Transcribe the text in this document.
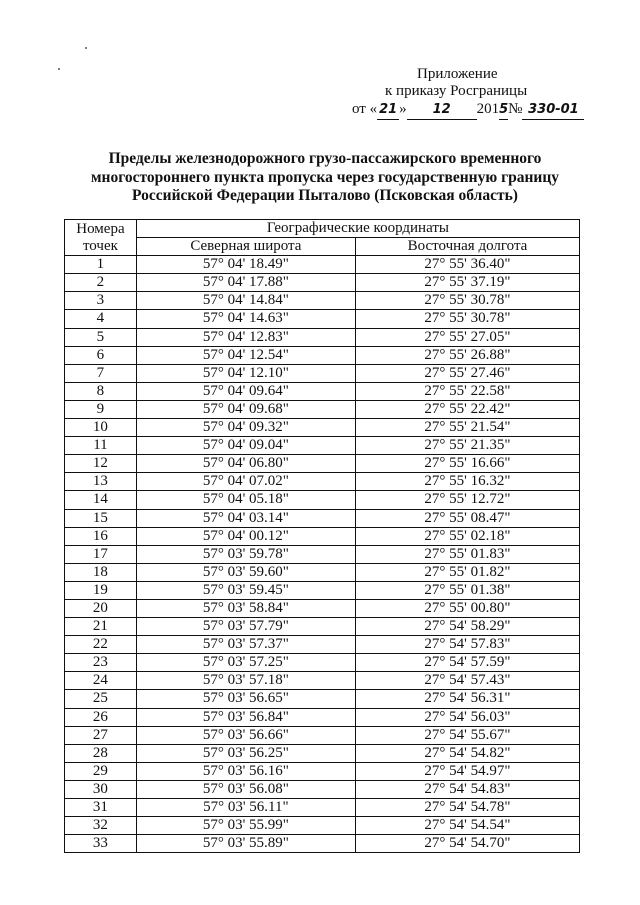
Приложение
к приказу Росграницы
от « 21 » 12 2015№ 330-01
Пределы железнодорожного грузо-пассажирского временного многостороннего пункта пропуска через государственную границу Российской Федерации Пыталово (Псковская область)
Номера точек	Географические координаты	
	Северная широта	Восточная долгота
1	57° 04' 18.49"	27° 55' 36.40"
2	57° 04' 17.88"	27° 55' 37.19"
3	57° 04' 14.84"	27° 55' 30.78"
4	57° 04' 14.63"	27° 55' 30.78"
5	57° 04' 12.83"	27° 55' 27.05"
6	57° 04' 12.54"	27° 55' 26.88"
7	57° 04' 12.10"	27° 55' 27.46"
8	57° 04' 09.64"	27° 55' 22.58"
9	57° 04' 09.68"	27° 55' 22.42"
10	57° 04' 09.32"	27° 55' 21.54"
11	57° 04' 09.04"	27° 55' 21.35"
12	57° 04' 06.80"	27° 55' 16.66"
13	57° 04' 07.02"	27° 55' 16.32"
14	57° 04' 05.18"	27° 55' 12.72"
15	57° 04' 03.14"	27° 55' 08.47"
16	57° 04' 00.12"	27° 55' 02.18"
17	57° 03' 59.78"	27° 55' 01.83"
18	57° 03' 59.60"	27° 55' 01.82"
19	57° 03' 59.45"	27° 55' 01.38"
20	57° 03' 58.84"	27° 55' 00.80"
21	57° 03' 57.79"	27° 54' 58.29"
22	57° 03' 57.37"	27° 54' 57.83"
23	57° 03' 57.25"	27° 54' 57.59"
24	57° 03' 57.18"	27° 54' 57.43"
25	57° 03' 56.65"	27° 54' 56.31"
26	57° 03' 56.84"	27° 54' 56.03"
27	57° 03' 56.66"	27° 54' 55.67"
28	57° 03' 56.25"	27° 54' 54.82"
29	57° 03' 56.16"	27° 54' 54.97"
30	57° 03' 56.08"	27° 54' 54.83"
31	57° 03' 56.11"	27° 54' 54.78"
32	57° 03' 55.99"	27° 54' 54.54"
33	57° 03' 55.89"	27° 54' 54.70"
